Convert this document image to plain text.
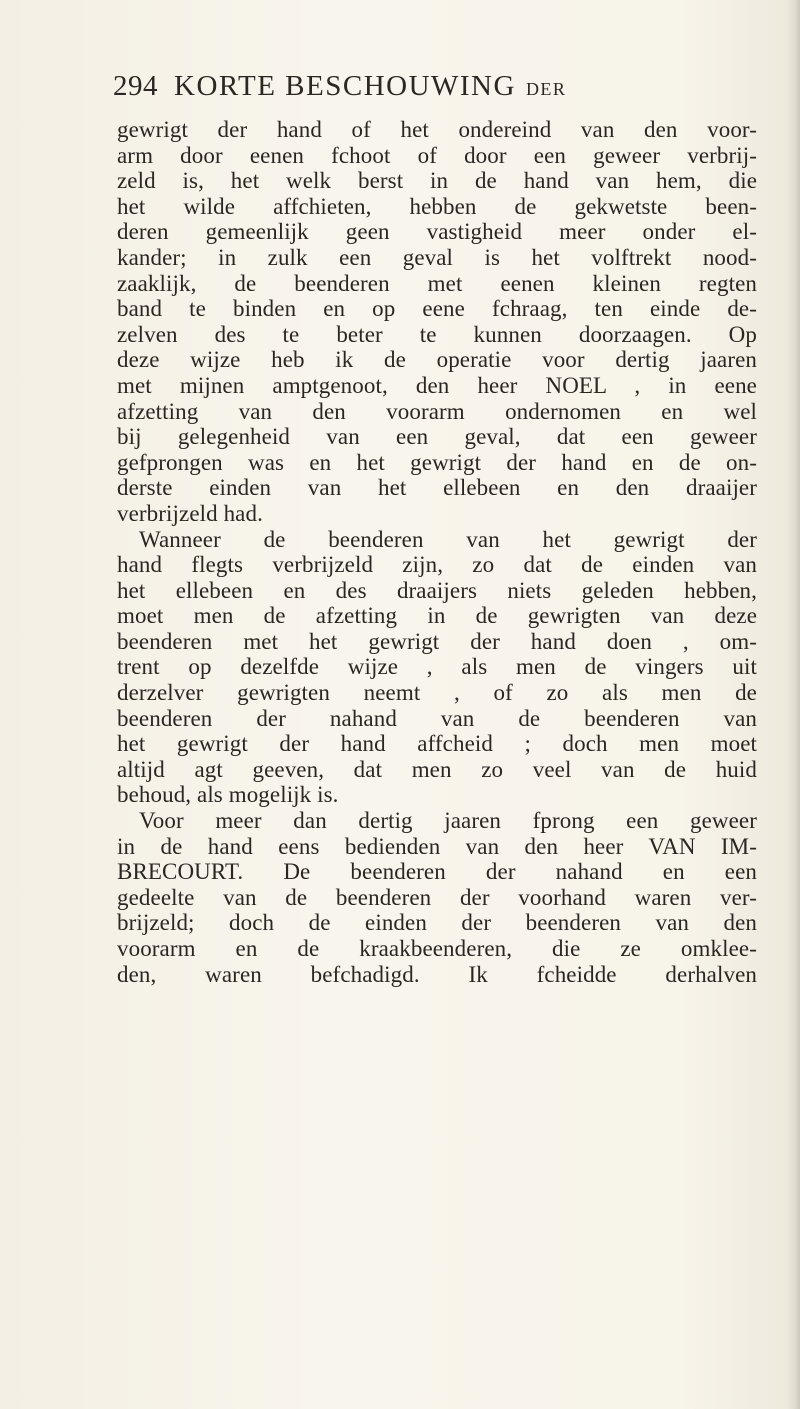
294 KORTE BESCHOUWING DER
gewrigt der hand of het ondereind van den voor-
arm door eenen fchoot of door een geweer verbrij-
zeld is, het welk berst in de hand van hem, die
het wilde affchieten, hebben de gekwetste been-
deren gemeenlijk geen vastigheid meer onder el-
kander; in zulk een geval is het volftrekt nood-
zaaklijk, de beenderen met eenen kleinen regten
band te binden en op eene fchraag, ten einde de-
zelven des te beter te kunnen doorzaagen. Op
deze wijze heb ik de operatie voor dertig jaaren
met mijnen amptgenoot, den heer NOEL , in eene
afzetting van den voorarm ondernomen en wel
bij gelegenheid van een geval, dat een geweer
gefprongen was en het gewrigt der hand en de on-
derste einden van het ellebeen en den draaijer
verbrijzeld had.
Wanneer de beenderen van het gewrigt der
hand flegts verbrijzeld zijn, zo dat de einden van
het ellebeen en des draaijers niets geleden hebben,
moet men de afzetting in de gewrigten van deze
beenderen met het gewrigt der hand doen , om-
trent op dezelfde wijze , als men de vingers uit
derzelver gewrigten neemt , of zo als men de
beenderen der nahand van de beenderen van
het gewrigt der hand affcheid ; doch men moet
altijd agt geeven, dat men zo veel van de huid
behoud, als mogelijk is.
Voor meer dan dertig jaaren fprong een geweer
in de hand eens bedienden van den heer VAN IM-
BRECOURT. De beenderen der nahand en een
gedeelte van de beenderen der voorhand waren ver-
brijzeld; doch de einden der beenderen van den
voorarm en de kraakbeenderen, die ze omklee-
den, waren befchadigd. Ik fcheidde derhalven
